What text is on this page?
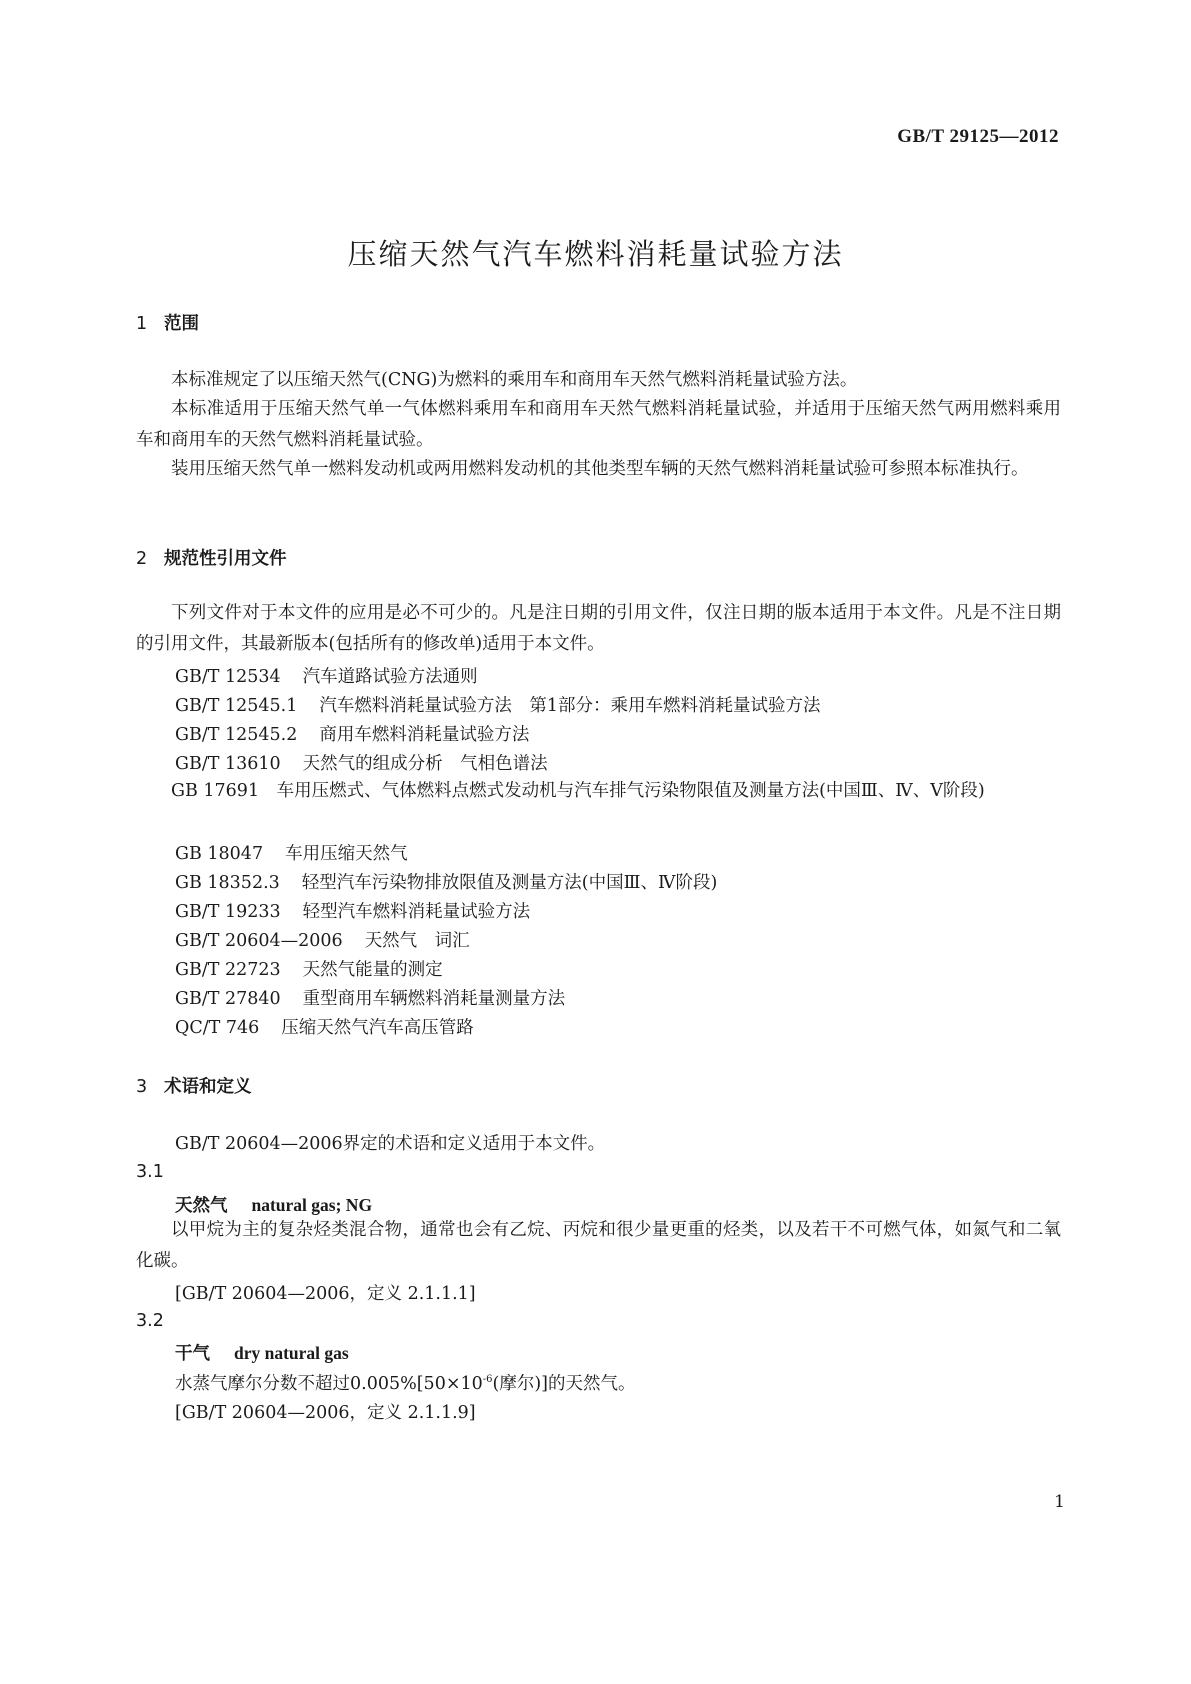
GB/T 29125—2012
压缩天然气汽车燃料消耗量试验方法
1 范围
本标准规定了以压缩天然气(CNG)为燃料的乘用车和商用车天然气燃料消耗量试验方法。
本标准适用于压缩天然气单一气体燃料乘用车和商用车天然气燃料消耗量试验，并适用于压缩天然气两用燃料乘用车和商用车的天然气燃料消耗量试验。
装用压缩天然气单一燃料发动机或两用燃料发动机的其他类型车辆的天然气燃料消耗量试验可参照本标准执行。
2 规范性引用文件
下列文件对于本文件的应用是必不可少的。凡是注日期的引用文件，仅注日期的版本适用于本文件。凡是不注日期的引用文件，其最新版本(包括所有的修改单)适用于本文件。
GB/T 12534 汽车道路试验方法通则
GB/T 12545.1 汽车燃料消耗量试验方法　第1部分：乘用车燃料消耗量试验方法
GB/T 12545.2 商用车燃料消耗量试验方法
GB/T 13610 天然气的组成分析　气相色谱法
GB 17691　 车用压燃式、气体燃料点燃式发动机与汽车排气污染物限值及测量方法(中国Ⅲ、Ⅳ、Ⅴ阶段)
GB 18047 车用压缩天然气
GB 18352.3 轻型汽车污染物排放限值及测量方法(中国Ⅲ、Ⅳ阶段)
GB/T 19233 轻型汽车燃料消耗量试验方法
GB/T 20604—2006 天然气　词汇
GB/T 22723 天然气能量的测定
GB/T 27840 重型商用车辆燃料消耗量测量方法
QC/T 746 压缩天然气汽车高压管路
3 术语和定义
GB/T 20604—2006界定的术语和定义适用于本文件。
3.1
天然气 natural gas; NG
以甲烷为主的复杂烃类混合物，通常也会有乙烷、丙烷和很少量更重的烃类，以及若干不可燃气体，如氮气和二氧化碳。
[GB/T 20604—2006，定义 2.1.1.1]
3.2
干气 dry natural gas
水蒸气摩尔分数不超过$0.005\%[50\times 10^{-6}$(摩尔)]的天然气。
[GB/T 20604—2006，定义 2.1.1.9]
1
